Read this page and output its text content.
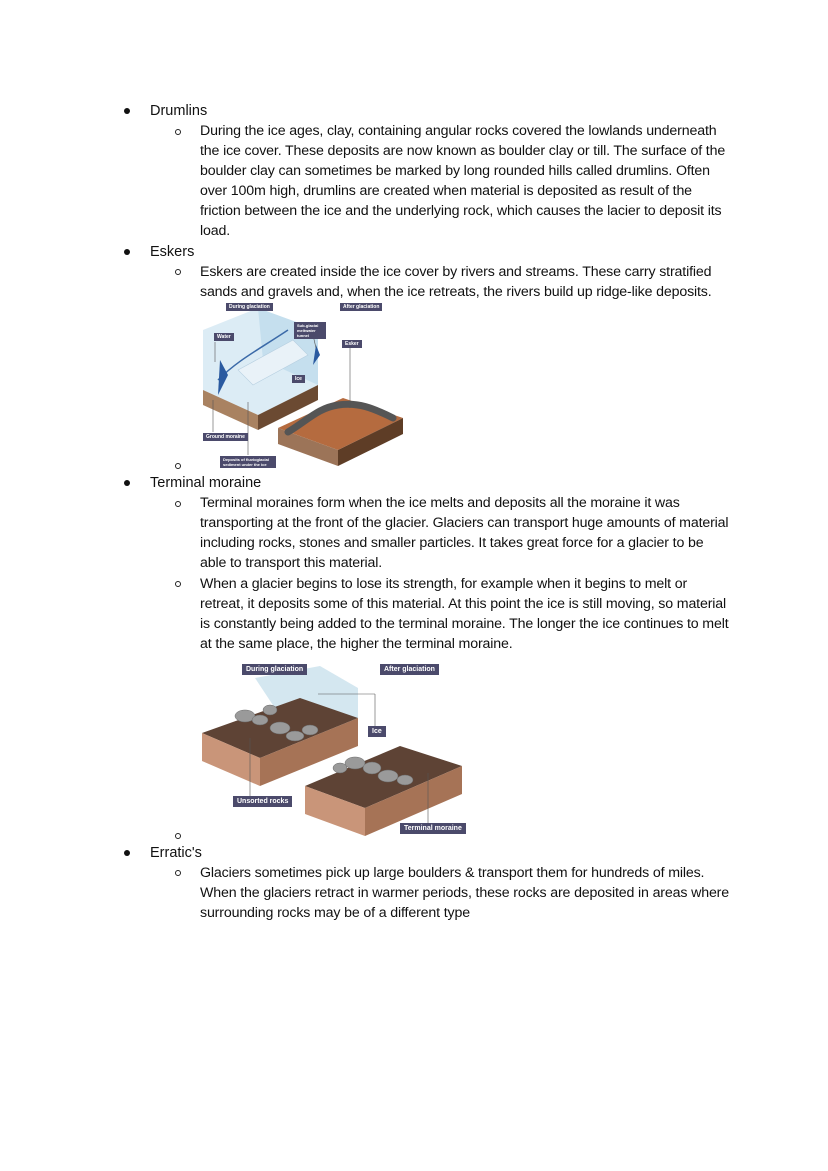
Drumlins
During the ice ages, clay, containing angular rocks covered the lowlands underneath the ice cover. These deposits are now known as boulder clay or till. The surface of the boulder clay can sometimes be marked by long rounded hills called drumlins. Often over 100m high, drumlins are created when material is deposited as result of the friction between the ice and the underlying rock, which causes the lacier to deposit its load.
Eskers
Eskers are created inside the ice cover by rivers and streams. These carry stratified sands and gravels and, when the ice retreats, the rivers build up ridge-like deposits.
During glaciation	After glaciation
Water
Sub-glacial meltwater tunnel
Esker
Ice
Ground moraine
Deposits of fluvioglacial sediment under the ice
Terminal moraine
Terminal moraines form when the ice melts and deposits all the moraine it was transporting at the front of the glacier. Glaciers can transport huge amounts of material including rocks, stones and smaller particles. It takes great force for a glacier to be able to transport this material.
When a glacier begins to lose its strength, for example when it begins to melt or retreat, it deposits some of this material. At this point the ice is still moving, so material is constantly being added to the terminal moraine. The longer the ice continues to melt at the same place, the higher the terminal moraine.
During glaciation	After glaciation
Ice
Unsorted rocks
Terminal moraine
Erratic's
Glaciers sometimes pick up large boulders & transport them for hundreds of miles. When the glaciers retract in warmer periods, these rocks are deposited in areas where surrounding rocks may be of a different type
